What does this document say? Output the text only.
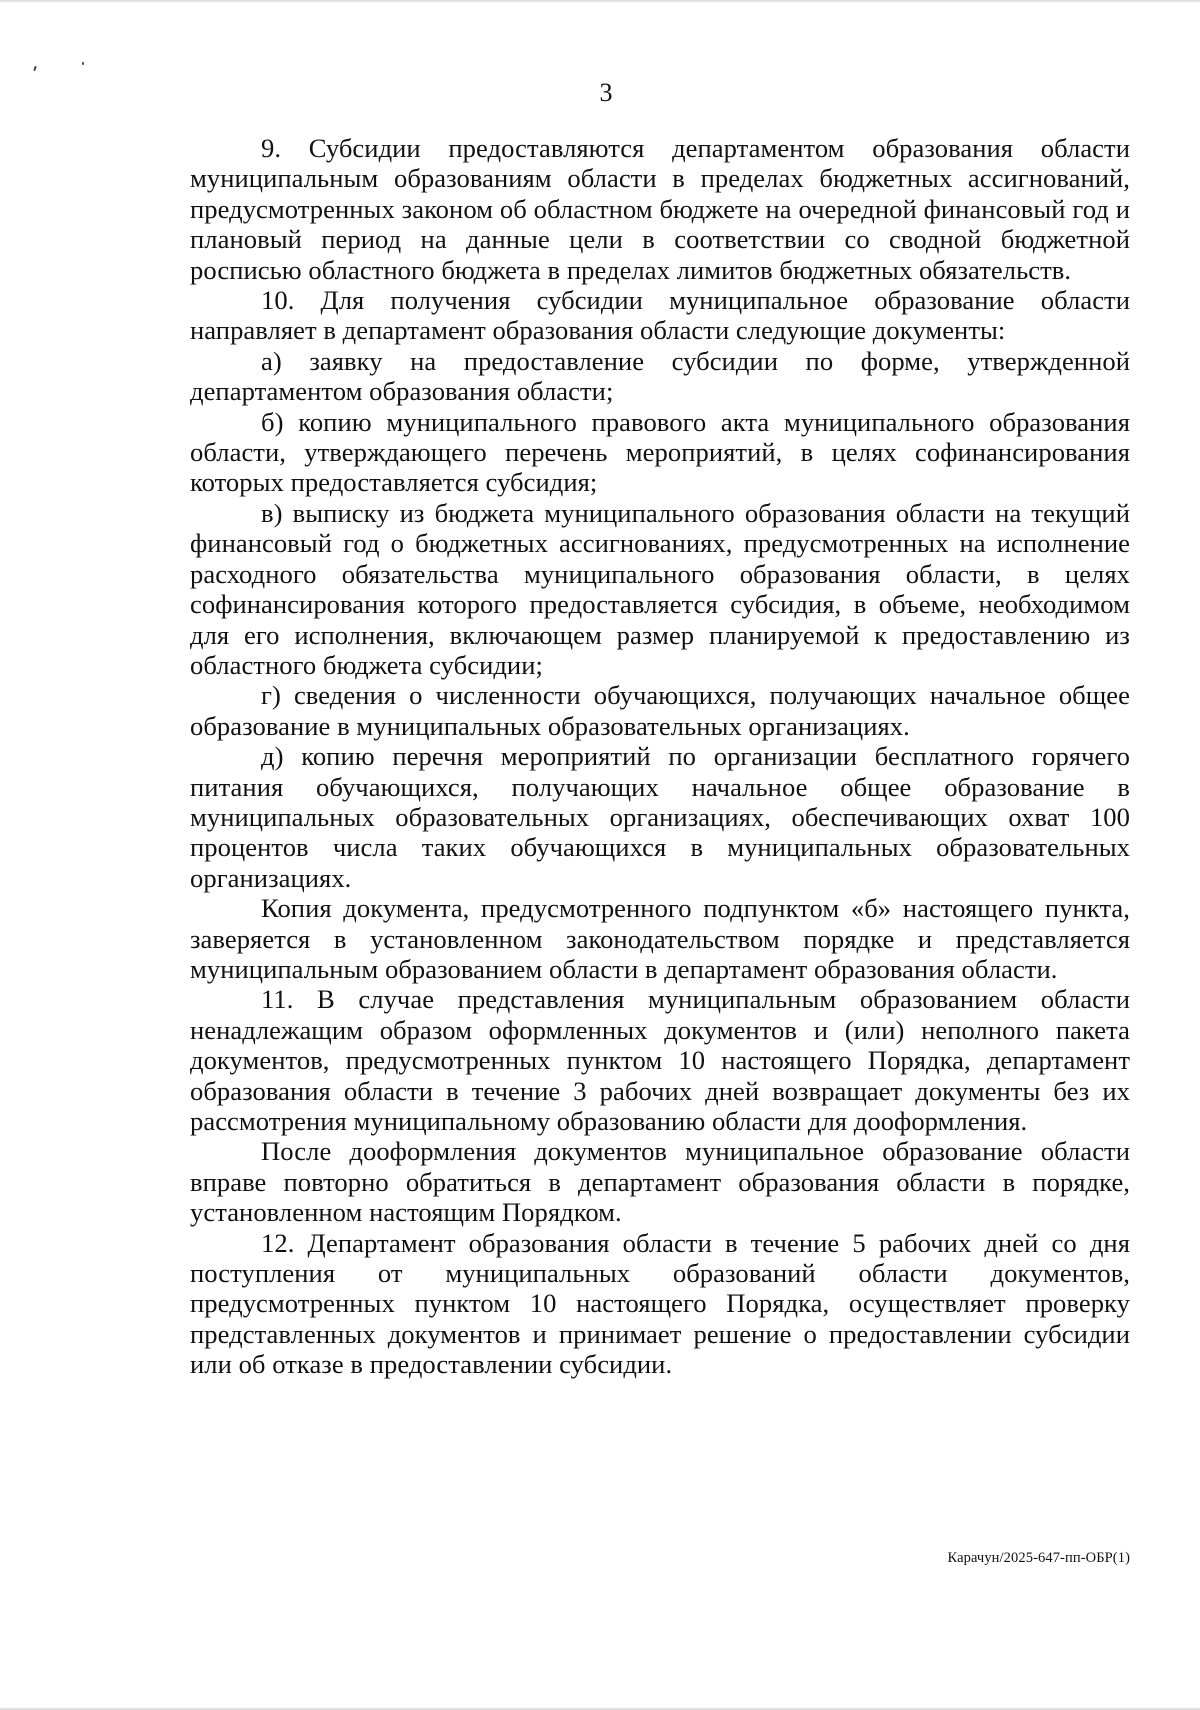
3

9. Субсидии предоставляются департаментом образования области муниципальным образованиям области в пределах бюджетных ассигнований, предусмотренных законом об областном бюджете на очередной финансовый год и плановый период на данные цели в соответствии со сводной бюджетной росписью областного бюджета в пределах лимитов бюджетных обязательств.

10. Для получения субсидии муниципальное образование области направляет в департамент образования области следующие документы:

а) заявку на предоставление субсидии по форме, утвержденной департаментом образования области;

б) копию муниципального правового акта муниципального образования области, утверждающего перечень мероприятий, в целях софинансирования которых предоставляется субсидия;

в) выписку из бюджета муниципального образования области на текущий финансовый год о бюджетных ассигнованиях, предусмотренных на исполнение расходного обязательства муниципального образования области, в целях софинансирования которого предоставляется субсидия, в объеме, необходимом для его исполнения, включающем размер планируемой к предоставлению из областного бюджета субсидии;

г) сведения о численности обучающихся, получающих начальное общее образование в муниципальных образовательных организациях.

д) копию перечня мероприятий по организации бесплатного горячего питания обучающихся, получающих начальное общее образование в муниципальных образовательных организациях, обеспечивающих охват 100 процентов числа таких обучающихся в муниципальных образовательных организациях.

Копия документа, предусмотренного подпунктом «б» настоящего пункта, заверяется в установленном законодательством порядке и представляется муниципальным образованием области в департамент образования области.

11. В случае представления муниципальным образованием области ненадлежащим образом оформленных документов и (или) неполного пакета документов, предусмотренных пунктом 10 настоящего Порядка, департамент образования области в течение 3 рабочих дней возвращает документы без их рассмотрения муниципальному образованию области для дооформления.

После дооформления документов муниципальное образование области вправе повторно обратиться в департамент образования области в порядке, установленном настоящим Порядком.

12. Департамент образования области в течение 5 рабочих дней со дня поступления от муниципальных образований области документов, предусмотренных пунктом 10 настоящего Порядка, осуществляет проверку представленных документов и принимает решение о предоставлении субсидии или об отказе в предоставлении субсидии.

Карачун/2025-647-пп-ОБР(1)
